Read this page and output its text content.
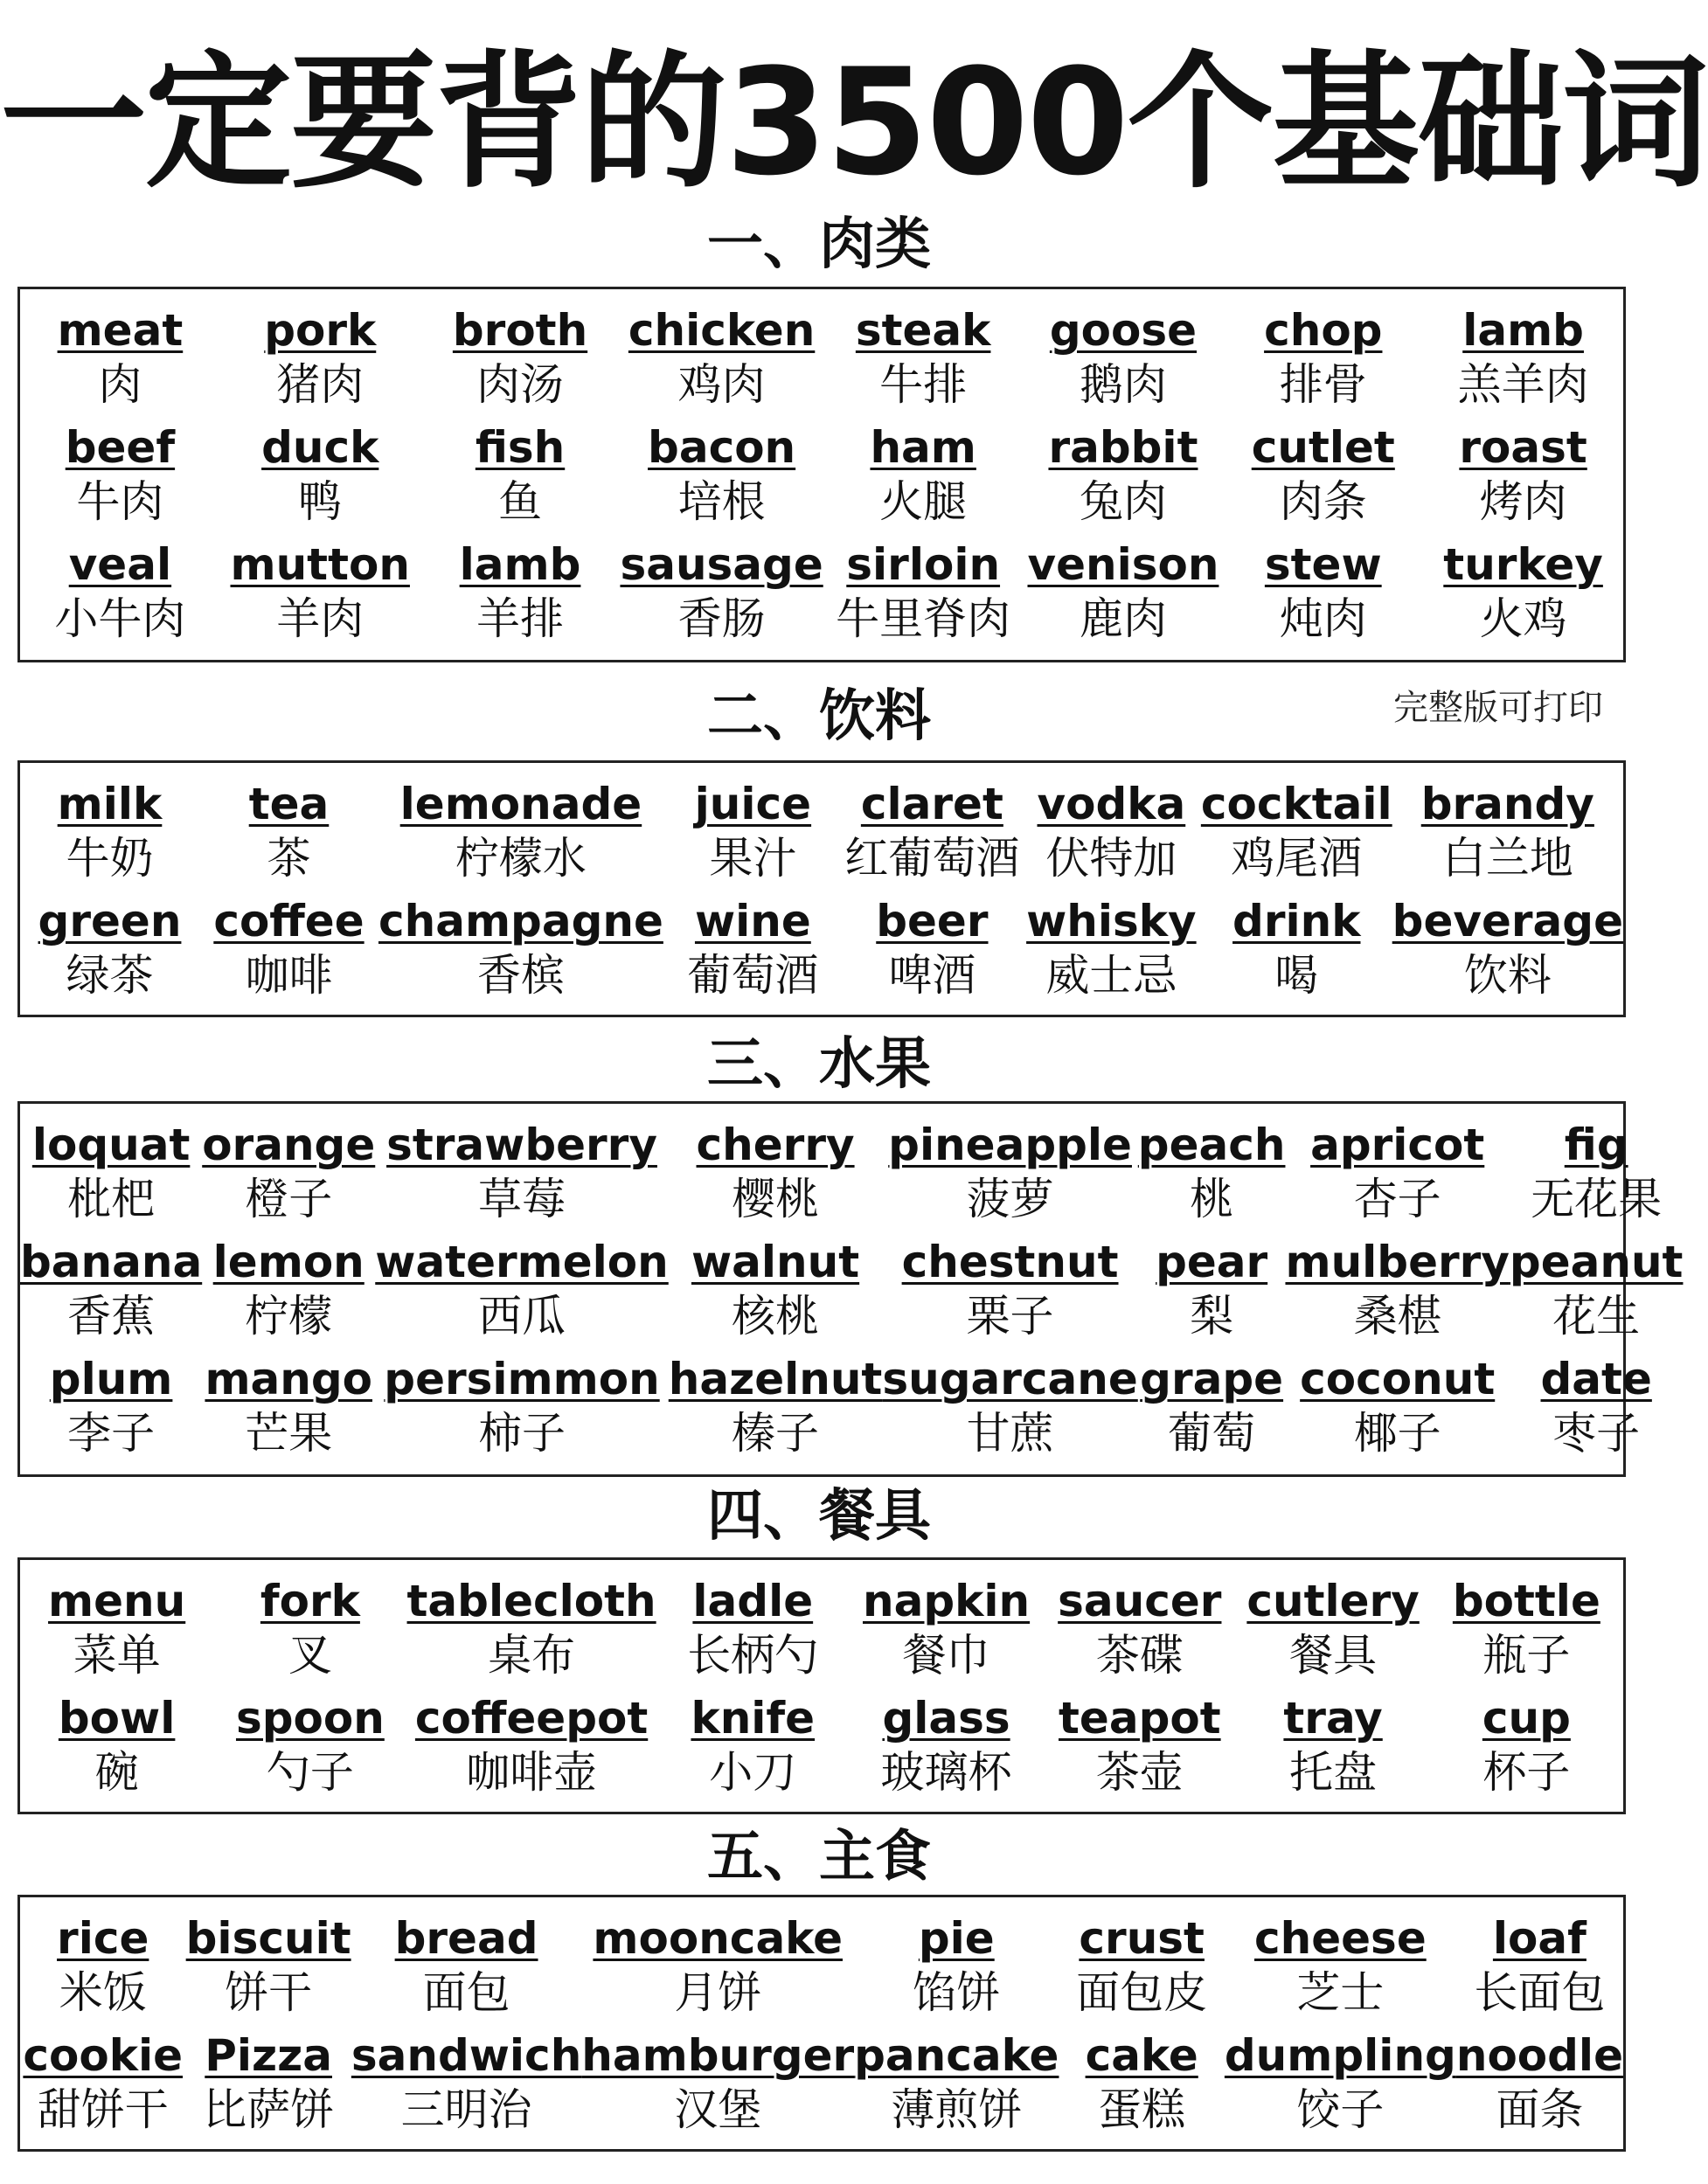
一定要背的3500个基础词
一、肉类
meat
肉
pork
猪肉
broth
肉汤
chicken
鸡肉
steak
牛排
goose
鹅肉
chop
排骨
lamb
羔羊肉
beef
牛肉
duck
鸭
fish
鱼
bacon
培根
ham
火腿
rabbit
兔肉
cutlet
肉条
roast
烤肉
veal
小牛肉
mutton
羊肉
lamb
羊排
sausage
香肠
sirloin
牛里脊肉
venison
鹿肉
stew
炖肉
turkey
火鸡
二、饮料	完整版可打印
milk
牛奶
tea
茶
lemonade
柠檬水
juice
果汁
claret
红葡萄酒
vodka
伏特加
cocktail
鸡尾酒
brandy
白兰地
green
绿茶
coffee
咖啡
champagne
香槟
wine
葡萄酒
beer
啤酒
whisky
威士忌
drink
喝
beverage
饮料
三、水果
loquat
枇杷
orange
橙子
strawberry
草莓
cherry
樱桃
pineapple
菠萝
peach
桃
apricot
杏子
fig
无花果
banana
香蕉
lemon
柠檬
watermelon
西瓜
walnut
核桃
chestnut
栗子
pear
梨
mulberry
桑椹
peanut
花生
plum
李子
mango
芒果
persimmon
柿子
hazelnut
榛子
sugarcane
甘蔗
grape
葡萄
coconut
椰子
date
枣子
四、餐具
menu
菜单
fork
叉
tablecloth
桌布
ladle
长柄勺
napkin
餐巾
saucer
茶碟
cutlery
餐具
bottle
瓶子
bowl
碗
spoon
勺子
coffeepot
咖啡壶
knife
小刀
glass
玻璃杯
teapot
茶壶
tray
托盘
cup
杯子
五、主食
rice
米饭
biscuit
饼干
bread
面包
mooncake
月饼
pie
馅饼
crust
面包皮
cheese
芝士
loaf
长面包
cookie
甜饼干
Pizza
比萨饼
sandwich
三明治
hamburger
汉堡
pancake
薄煎饼
cake
蛋糕
dumpling
饺子
noodle
面条
